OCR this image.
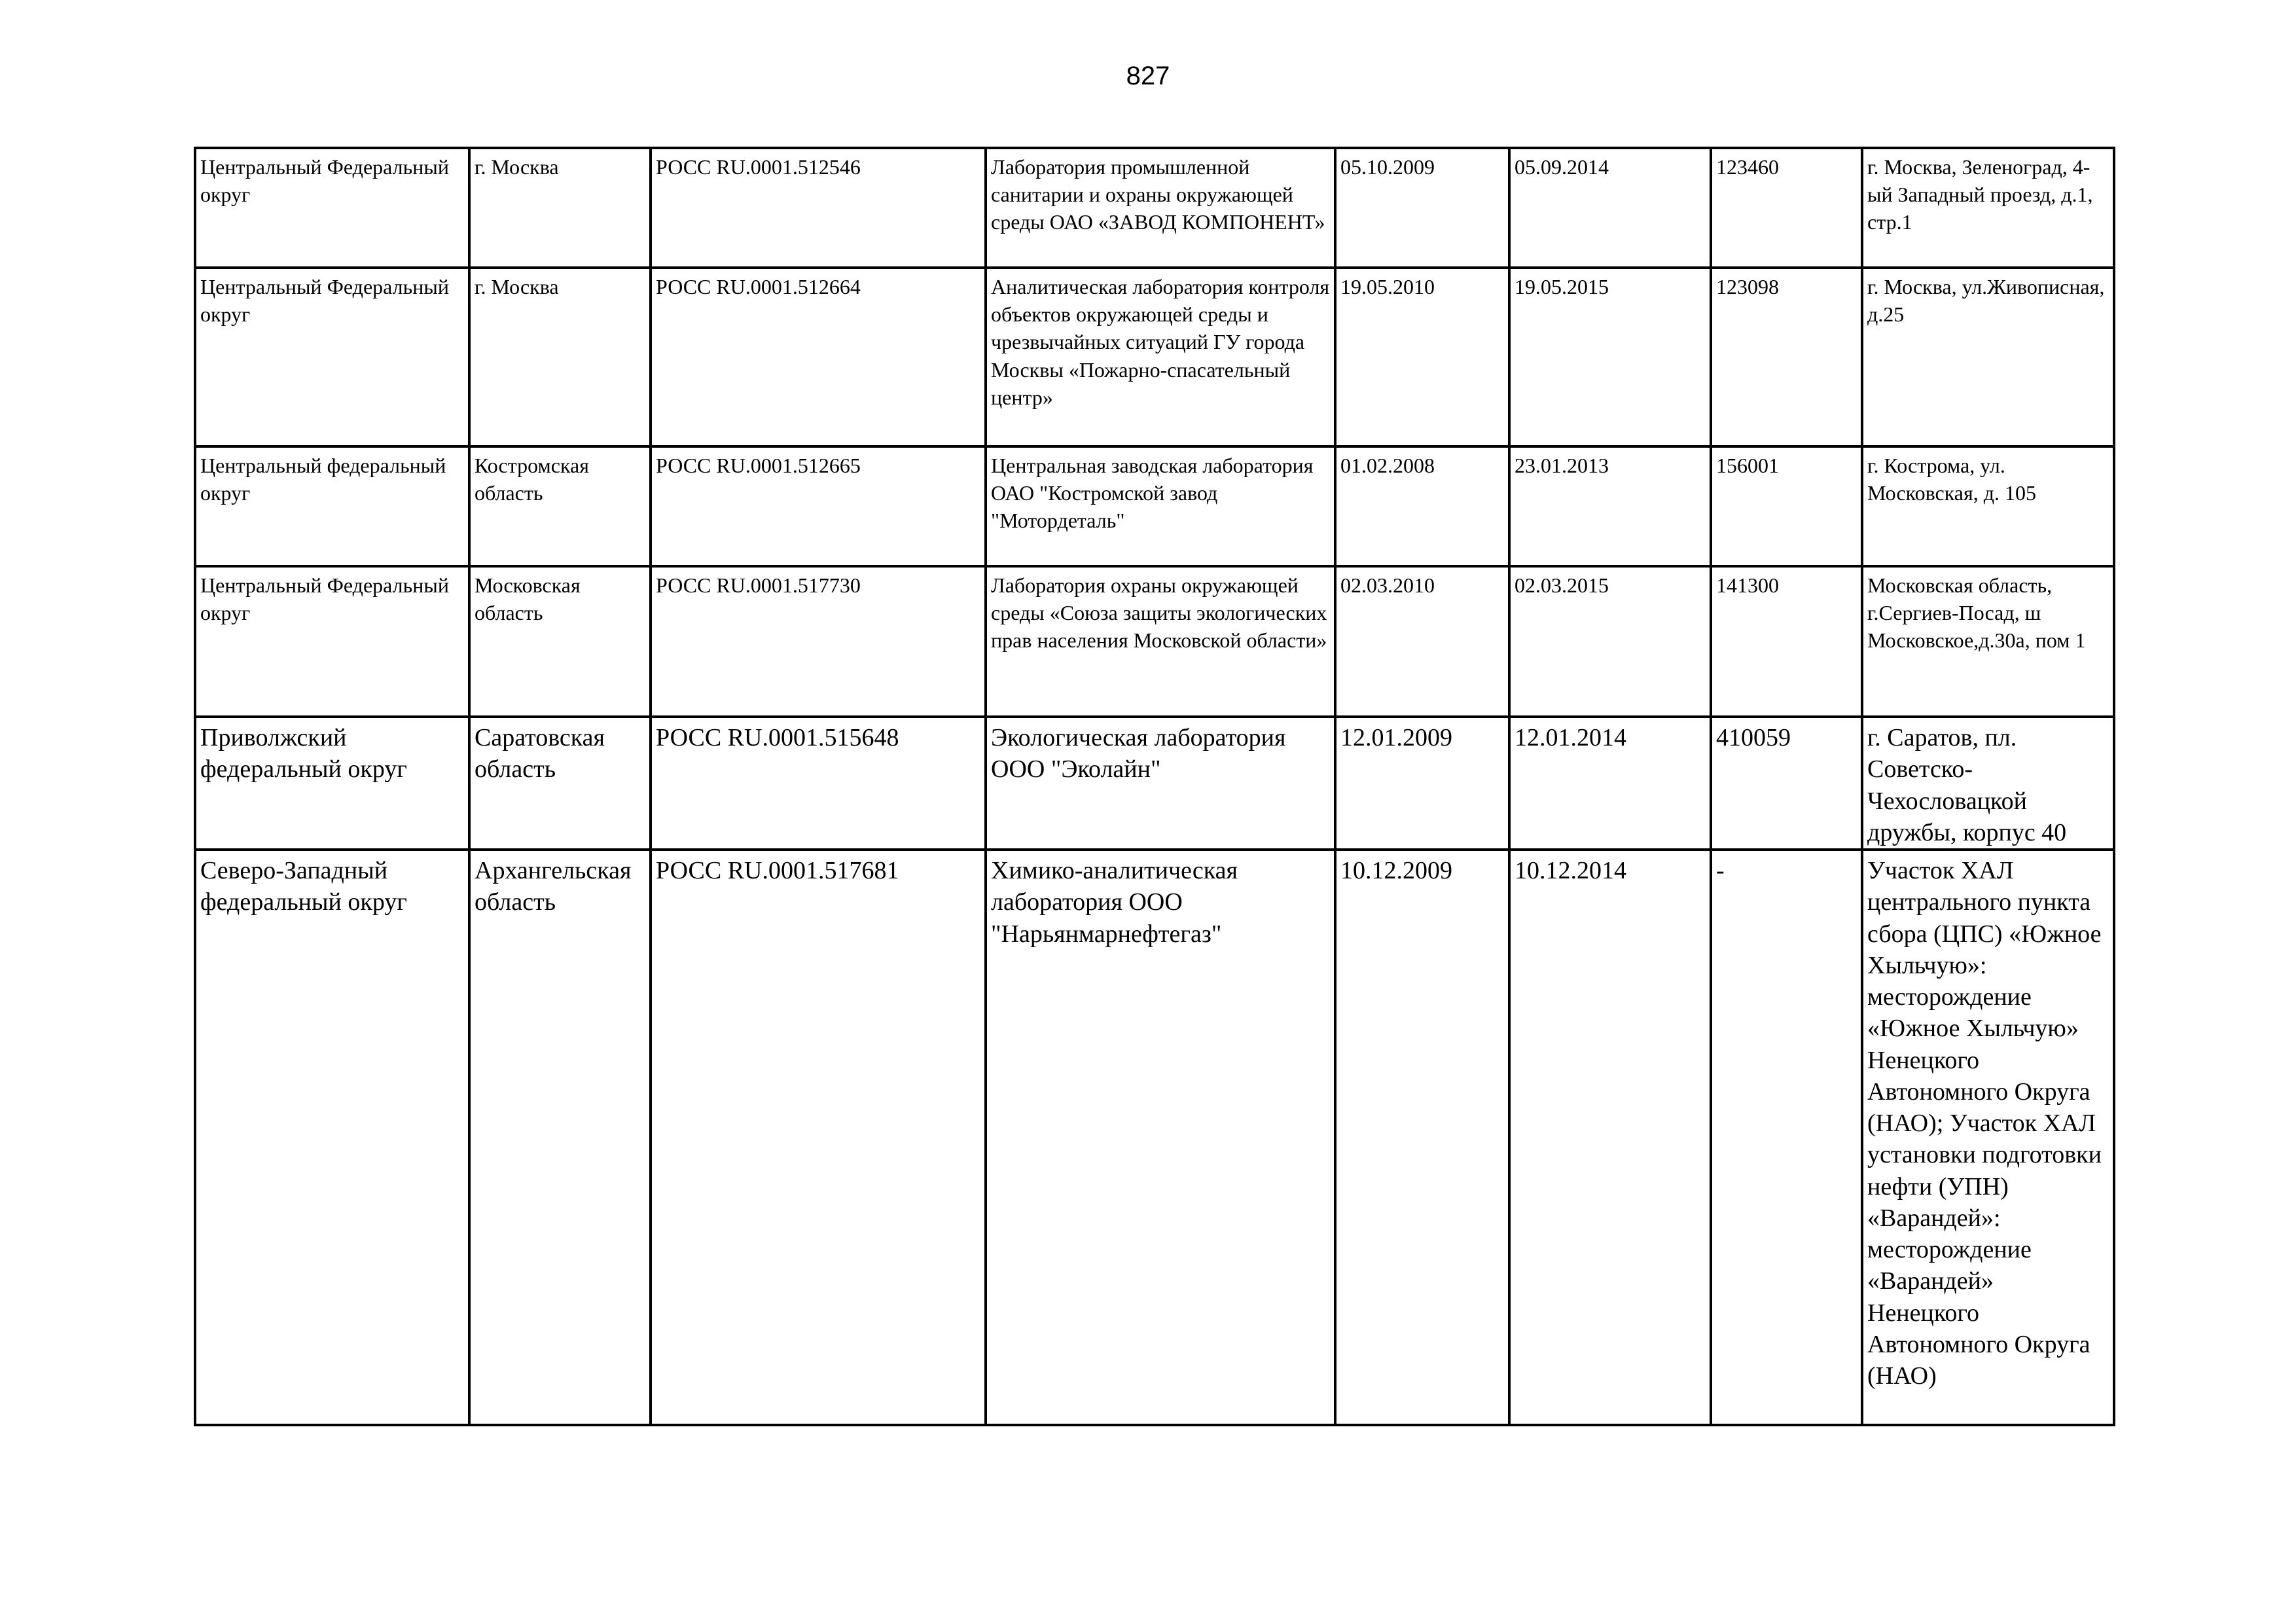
827
Центральный Федеральный округ	г. Москва	РОСС RU.0001.512546	Лаборатория промышленной санитарии и охраны окружающей среды ОАО «ЗАВОД КОМПОНЕНТ»	05.10.2009	05.09.2014	123460	г. Москва, Зеленоград, 4-ый Западный проезд, д.1, стр.1
Центральный Федеральный округ	г. Москва	РОСС RU.0001.512664	Аналитическая лаборатория контроля объектов окружающей среды и чрезвычайных ситуаций ГУ города Москвы «Пожарно-спасательный центр»	19.05.2010	19.05.2015	123098	г. Москва, ул.Живописная, д.25
Центральный федеральный округ	Костромская область	РОСС RU.0001.512665	Центральная заводская лаборатория ОАО "Костромской завод "Мотордеталь"	01.02.2008	23.01.2013	156001	г. Кострома, ул. Московская, д. 105
Центральный Федеральный округ	Московская область	РОСС RU.0001.517730	Лаборатория охраны окружающей среды «Союза защиты экологических прав населения Московской области»	02.03.2010	02.03.2015	141300	Московская область, г.Сергиев-Посад, ш Московское,д.30а, пом 1
Приволжский федеральный округ	Саратовская область	РОСС RU.0001.515648	Экологическая лаборатория ООО "Эколайн"	12.01.2009	12.01.2014	410059	г. Саратов, пл. Советско-Чехословацкой дружбы, корпус 40
Северо-Западный федеральный округ	Архангельская область	РОСС RU.0001.517681	Химико-аналитическая лаборатория ООО "Нарьянмарнефтегаз"	10.12.2009	10.12.2014	-	Участок ХАЛ центрального пункта сбора (ЦПС) «Южное Хыльчую»: месторождение «Южное Хыльчую» Ненецкого Автономного Округа (НАО); Участок ХАЛ установки подготовки нефти (УПН) «Варандей»: месторождение «Варандей» Ненецкого Автономного Округа (НАО)
